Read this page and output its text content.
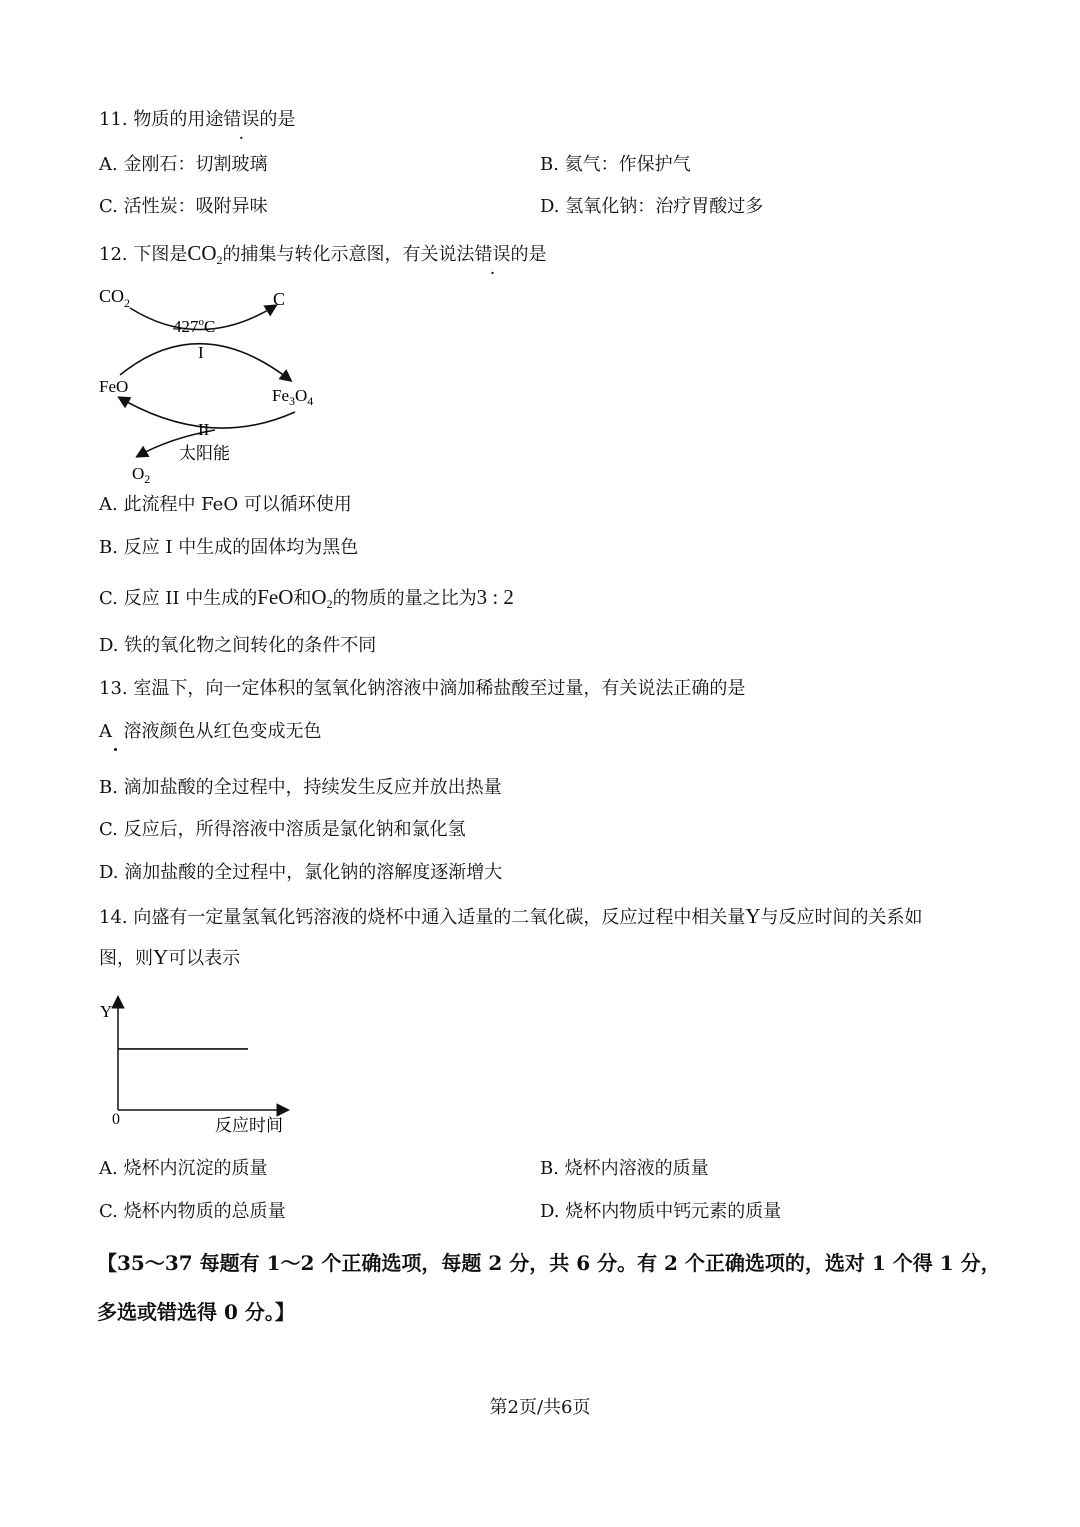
11. 物质的用途错误的是
A. 金刚石：切割玻璃	B. 氦气：作保护气
C. 活性炭：吸附异味	D. 氢氧化钠：治疗胃酸过多
12. 下图是$CO_2$的捕集与转化示意图，有关说法错误的是
$CO_2$	C
427$^o$C
I
FeO	$Fe_3O_4$
II
太阳能
$O_2$
A. 此流程中 FeO 可以循环使用
B. 反应 I 中生成的固体均为黑色
C. 反应 II 中生成的FeO和$O_2$的物质的量之比为3 : 2
D. 铁的氧化物之间转化的条件不同
13. 室温下，向一定体积的氢氧化钠溶液中滴加稀盐酸至过量，有关说法正确的是
A 溶液颜色从红色变成无色
B. 滴加盐酸的全过程中，持续发生反应并放出热量
C. 反应后，所得溶液中溶质是氯化钠和氯化氢
D. 滴加盐酸的全过程中，氯化钠的溶解度逐渐增大
14. 向盛有一定量氢氧化钙溶液的烧杯中通入适量的二氧化碳，反应过程中相关量Y与反应时间的关系如
图，则Y可以表示
Y
0	反应时间
A. 烧杯内沉淀的质量	B. 烧杯内溶液的质量
C. 烧杯内物质的总质量	D. 烧杯内物质中钙元素的质量
【35～37 每题有 1～2 个正确选项，每题 2 分，共 6 分。有 2 个正确选项的，选对 1 个得 1 分，
多选或错选得 0 分。】
第2页/共6页
